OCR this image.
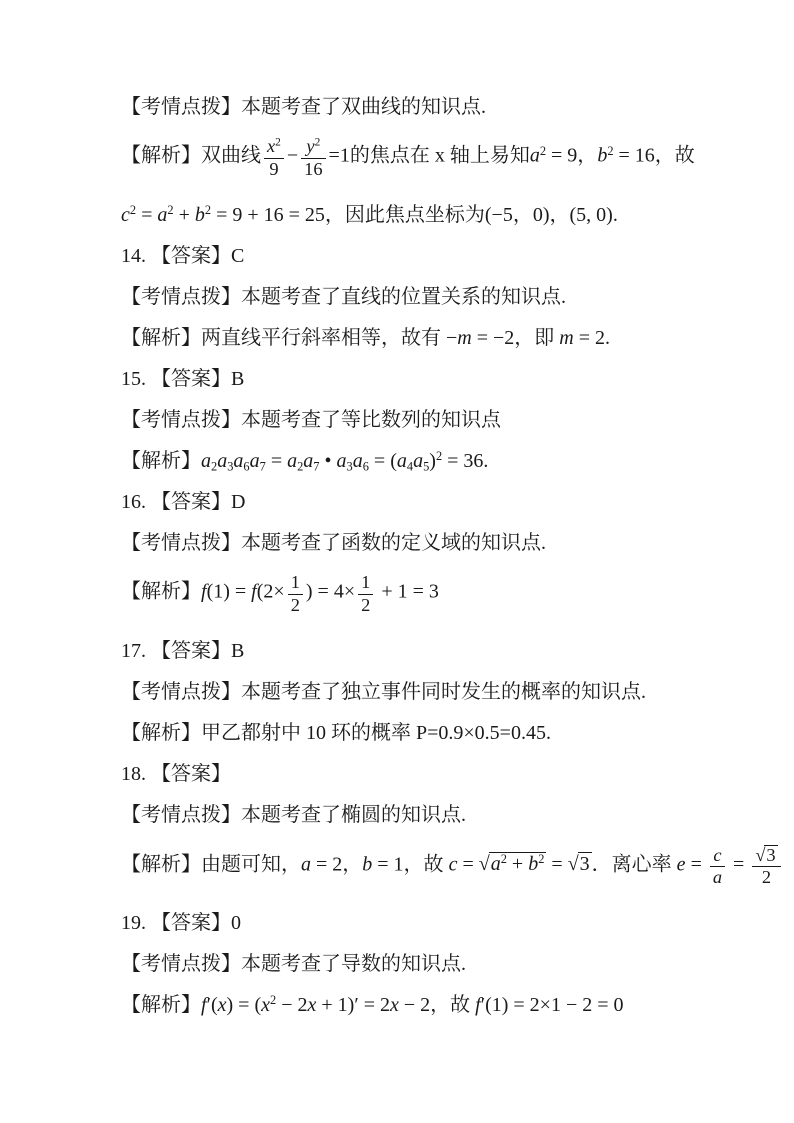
【考情点拨】本题考查了双曲线的知识点.
【解析】双曲线 $\frac{x^2}{9} - \frac{y^2}{16} =1$的焦点在 x 轴上易知$a^2 = 9$，$b^2 = 16$，故
$c^2 = a^2 + b^2 = 9 + 16 = 25$，因此焦点坐标为(−5，0)，(5, 0).
14. 【答案】C
【考情点拨】本题考查了直线的位置关系的知识点.
【解析】两直线平行斜率相等，故有 −m = −2，即 m = 2.
15. 【答案】B
【考情点拨】本题考查了等比数列的知识点
【解析】$a_2a_3a_6a_7 = a_2a_7$ • $a_3a_6 = (a_4a_5)^2 = 36$.
16. 【答案】D
【考情点拨】本题考查了函数的定义域的知识点.
【解析】$f(1) = f(2\times \frac{1}{2}$ ) = $4\times \frac{1}{2} + 1 = 3$
17. 【答案】B
【考情点拨】本题考查了独立事件同时发生的概率的知识点.
【解析】甲乙都射中 10 环的概率 P=0.9×0.5=0.45.
18. 【答案】
【考情点拨】本题考查了椭圆的知识点.
【解析】由题可知，a = 2，b = 1，故 $c = √a^2 + b^2 = √3$ ．离心率 $e = \frac{c}{a} = \frac{√3}{2}$
19. 【答案】0
【考情点拨】本题考查了导数的知识点.
【解析】$f'(x) = (x^2 - 2x + 1)' = 2x - 2$，故 f′(1) = 2×1 − 2 = 0
